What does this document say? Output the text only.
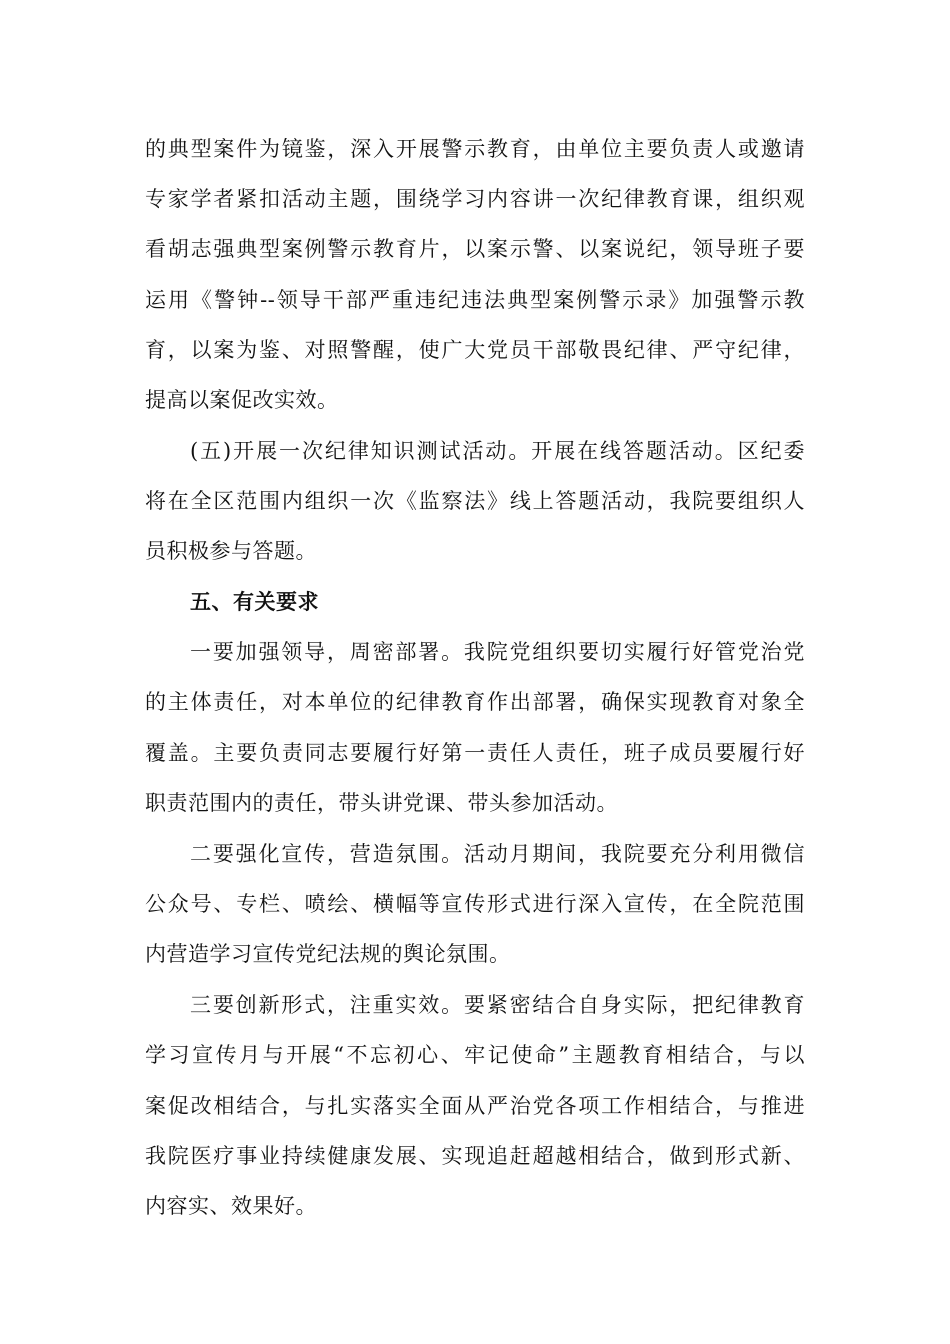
的典型案件为镜鉴，深入开展警示教育，由单位主要负责人或邀请
专家学者紧扣活动主题，围绕学习内容讲一次纪律教育课，组织观
看胡志强典型案例警示教育片，以案示警、以案说纪，领导班子要
运用《警钟--领导干部严重违纪违法典型案例警示录》加强警示教
育，以案为鉴、对照警醒，使广大党员干部敬畏纪律、严守纪律，
提高以案促改实效。
(五)开展一次纪律知识测试活动。开展在线答题活动。区纪委
将在全区范围内组织一次《监察法》线上答题活动，我院要组织人
员积极参与答题。
五、有关要求
一要加强领导，周密部署。我院党组织要切实履行好管党治党
的主体责任，对本单位的纪律教育作出部署，确保实现教育对象全
覆盖。主要负责同志要履行好第一责任人责任，班子成员要履行好
职责范围内的责任，带头讲党课、带头参加活动。
二要强化宣传，营造氛围。活动月期间，我院要充分利用微信
公众号、专栏、喷绘、横幅等宣传形式进行深入宣传，在全院范围
内营造学习宣传党纪法规的舆论氛围。
三要创新形式，注重实效。要紧密结合自身实际，把纪律教育
学习宣传月与开展“不忘初心、牢记使命”主题教育相结合，与以
案促改相结合，与扎实落实全面从严治党各项工作相结合，与推进
我院医疗事业持续健康发展、实现追赶超越相结合，做到形式新、
内容实、效果好。
